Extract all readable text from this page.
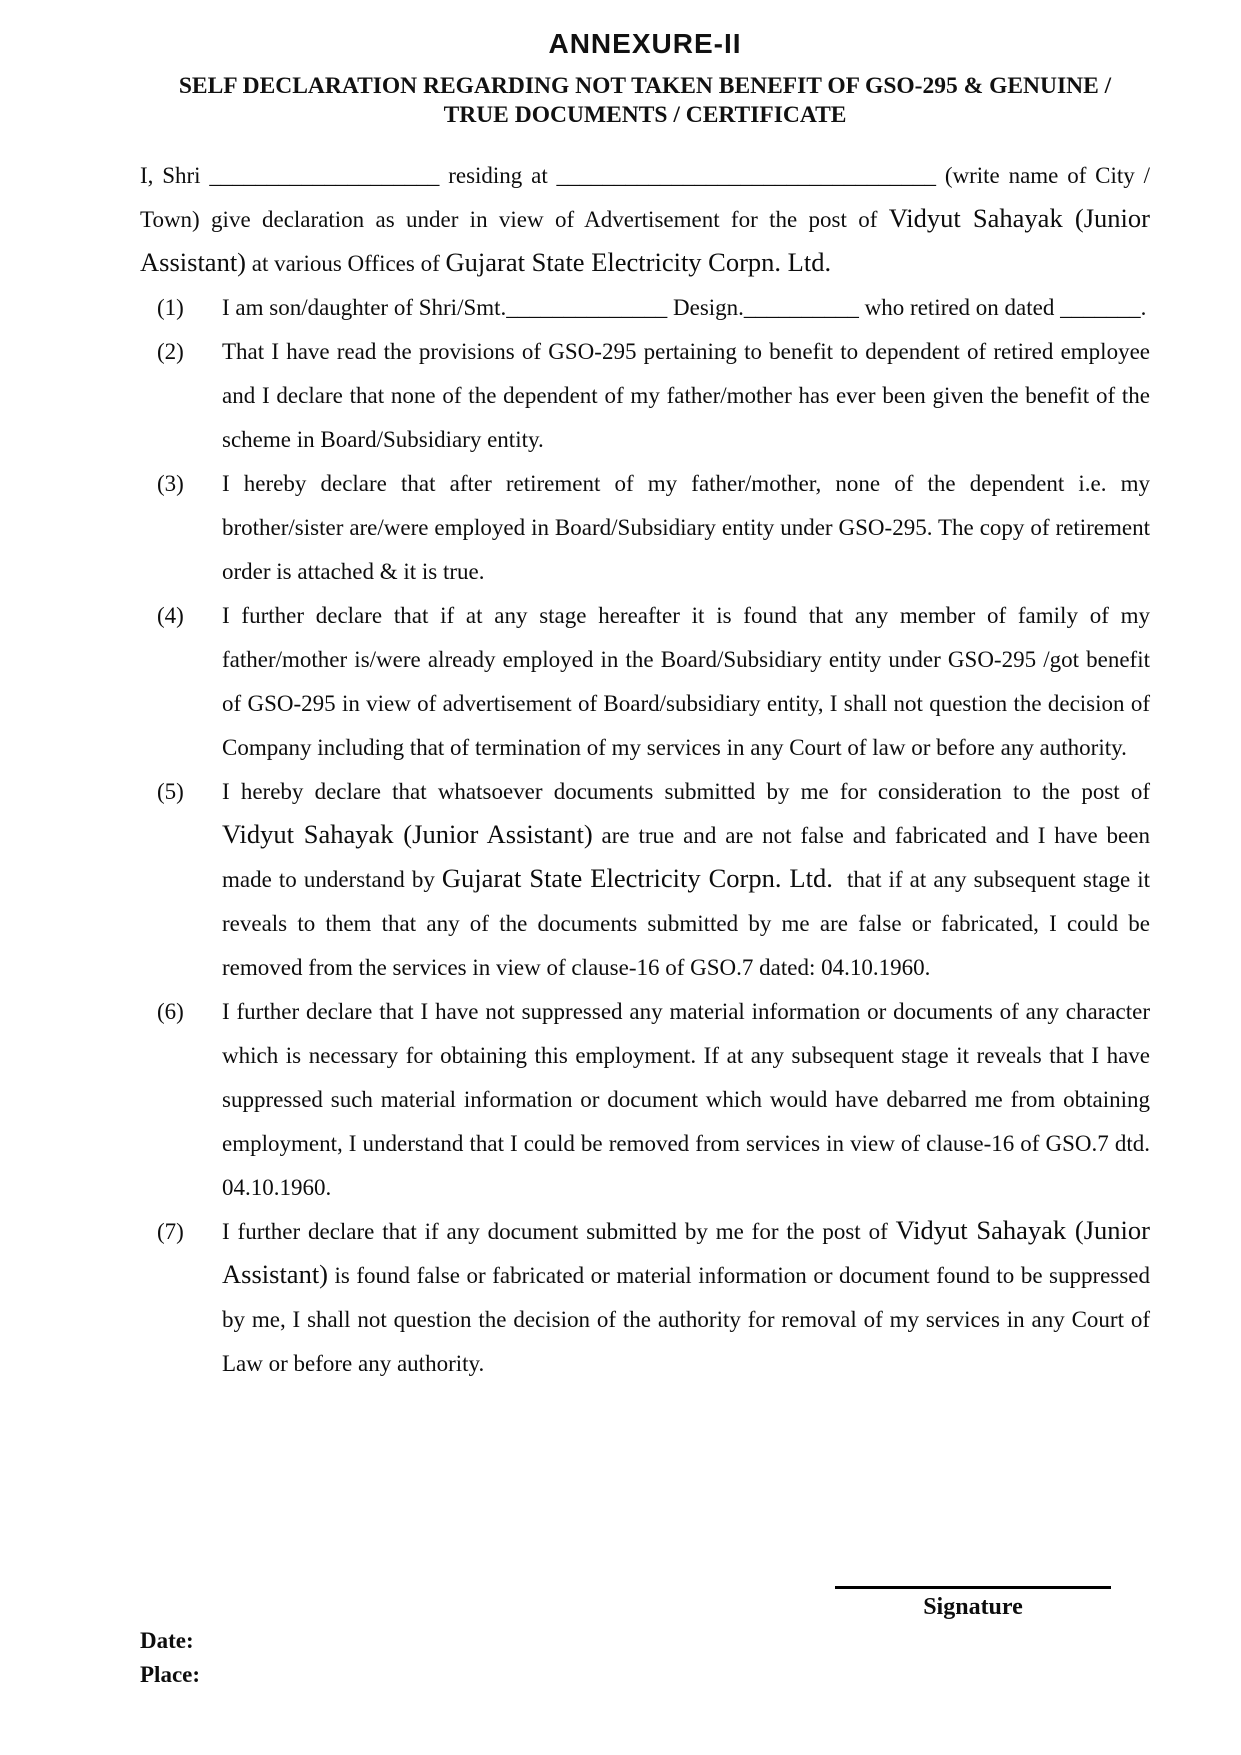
ANNEXURE-II
SELF DECLARATION REGARDING NOT TAKEN BENEFIT OF GSO-295 & GENUINE /
TRUE DOCUMENTS / CERTIFICATE

I, Shri ____________________ residing at _________________________________ (write name of City / Town) give declaration as under in view of Advertisement for the post of Vidyut Sahayak (Junior Assistant) at various Offices of Gujarat State Electricity Corpn. Ltd.

(1)	I am son/daughter of Shri/Smt.______________ Design.__________ who retired on dated _______.
(2)	That I have read the provisions of GSO-295 pertaining to benefit to dependent of retired employee and I declare that none of the dependent of my father/mother has ever been given the benefit of the scheme in Board/Subsidiary entity.
(3)	I hereby declare that after retirement of my father/mother, none of the dependent i.e. my brother/sister are/were employed in Board/Subsidiary entity under GSO-295. The copy of retirement order is attached & it is true.
(4)	I further declare that if at any stage hereafter it is found that any member of family of my father/mother is/were already employed in the Board/Subsidiary entity under GSO-295 /got benefit of GSO-295 in view of advertisement of Board/subsidiary entity, I shall not question the decision of Company including that of termination of my services in any Court of law or before any authority.
(5)	I hereby declare that whatsoever documents submitted by me for consideration to the post of Vidyut Sahayak (Junior Assistant) are true and are not false and fabricated and I have been made to understand by Gujarat State Electricity Corpn. Ltd.  that if at any subsequent stage it reveals to them that any of the documents submitted by me are false or fabricated, I could be removed from the services in view of clause-16 of GSO.7 dated: 04.10.1960.
(6)	I further declare that I have not suppressed any material information or documents of any character which is necessary for obtaining this employment. If at any subsequent stage it reveals that I have suppressed such material information or document which would have debarred me from obtaining employment, I understand that I could be removed from services in view of clause-16 of GSO.7 dtd. 04.10.1960.
(7)	I further declare that if any document submitted by me for the post of Vidyut Sahayak (Junior Assistant) is found false or fabricated or material information or document found to be suppressed by me, I shall not question the decision of the authority for removal of my services in any Court of Law or before any authority.
Signature
Date:
Place:
